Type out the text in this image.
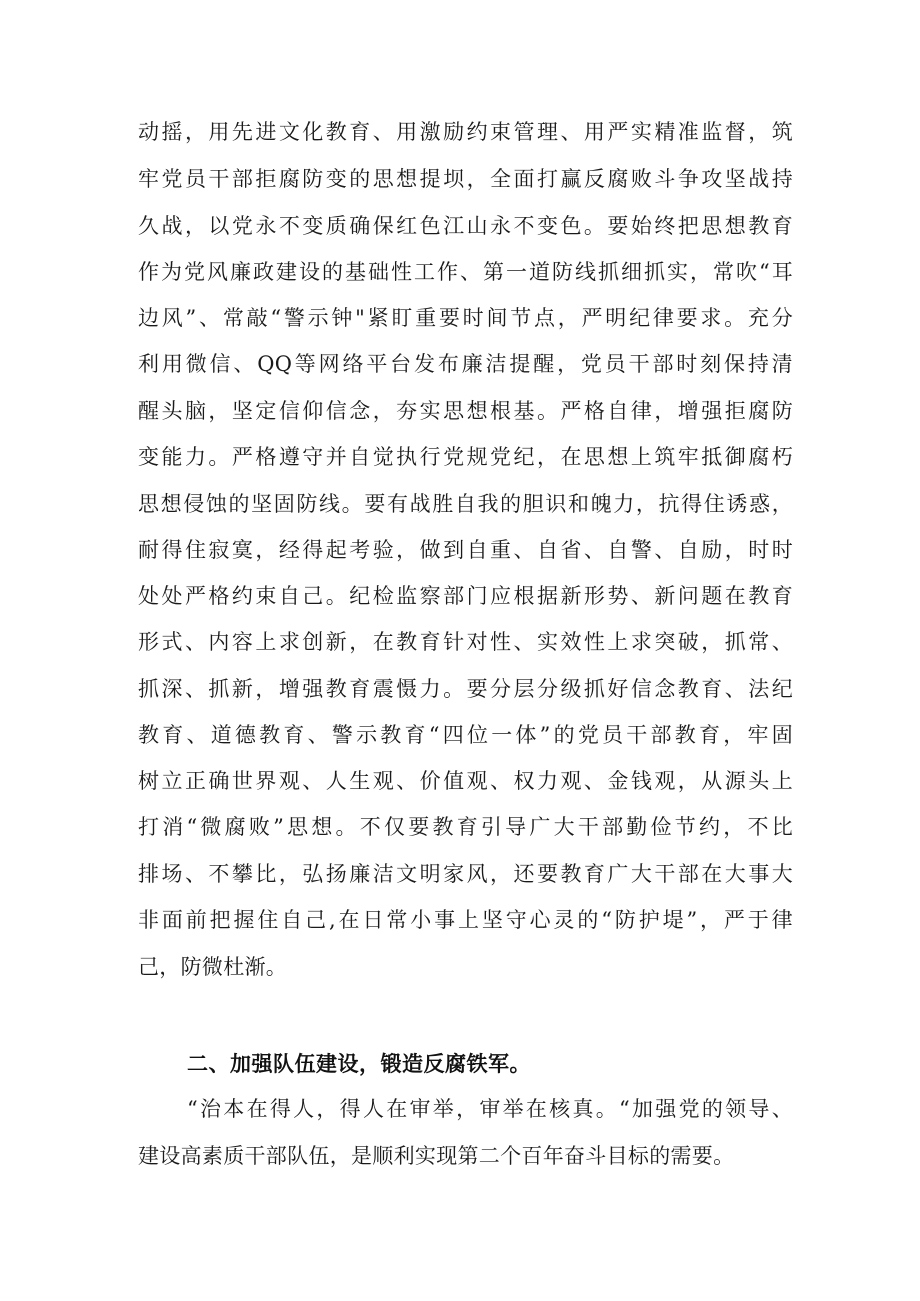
动摇，用先进文化教育、用激励约束管理、用严实精准监督，筑
牢党员干部拒腐防变的思想提坝，全面打赢反腐败斗争攻坚战持
久战，以党永不变质确保红色江山永不变色。要始终把思想教育
作为党风廉政建设的基础性工作、第一道防线抓细抓实，常吹“耳
边风”、常敲“警示钟"紧盯重要时间节点，严明纪律要求。充分
利用微信、QQ等网络平台发布廉洁提醒，党员干部时刻保持清
醒头脑，坚定信仰信念，夯实思想根基。严格自律，增强拒腐防
变能力。严格遵守并自觉执行党规党纪，在思想上筑牢抵御腐朽
思想侵蚀的坚固防线。要有战胜自我的胆识和魄力，抗得住诱惑，
耐得住寂寞，经得起考验，做到自重、自省、自警、自励，时时
处处严格约束自己。纪检监察部门应根据新形势、新问题在教育
形式、内容上求创新，在教育针对性、实效性上求突破，抓常、
抓深、抓新，增强教育震慑力。要分层分级抓好信念教育、法纪
教育、道德教育、警示教育“四位一体”的党员干部教育，牢固
树立正确世界观、人生观、价值观、权力观、金钱观，从源头上
打消“微腐败”思想。不仅要教育引导广大干部勤俭节约，不比
排场、不攀比，弘扬廉洁文明家风，还要教育广大干部在大事大
非面前把握住自己,在日常小事上坚守心灵的“防护堤”，严于律
己，防微杜渐。
二、加强队伍建设，锻造反腐铁军。
“治本在得人，得人在审举，审举在核真。“加强党的领导、
建设高素质干部队伍，是顺利实现第二个百年奋斗目标的需要。
